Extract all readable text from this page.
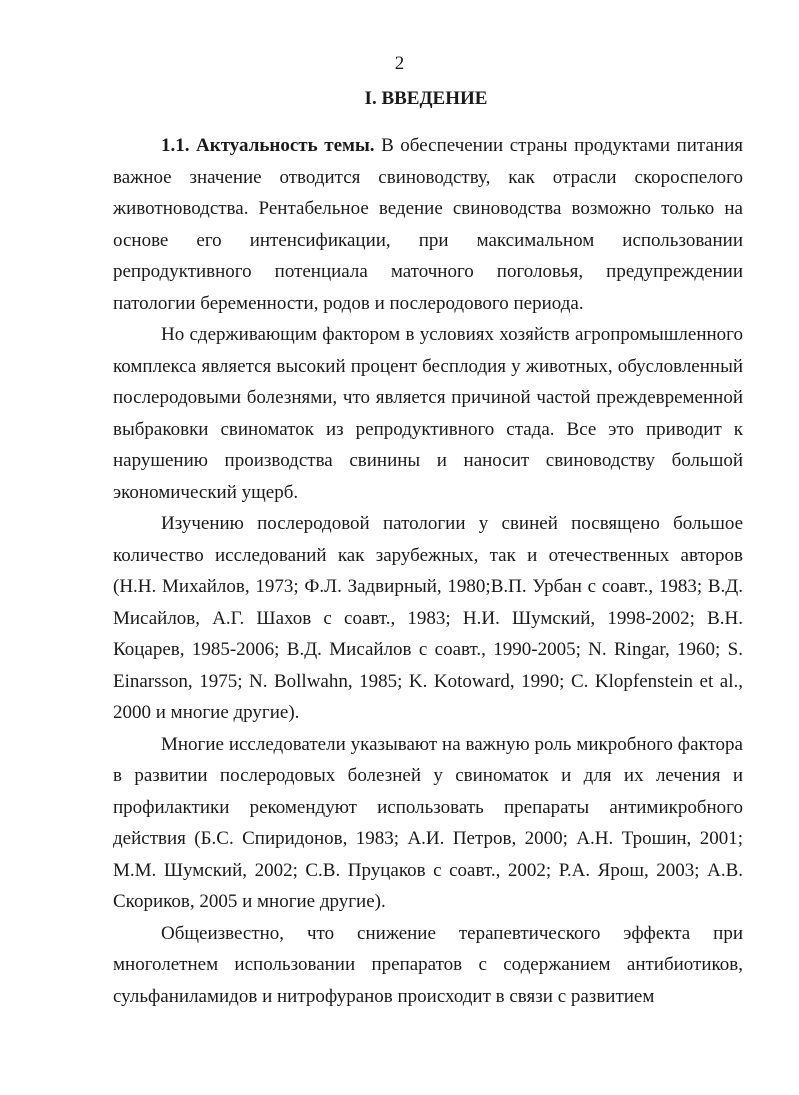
2
I. ВВЕДЕНИЕ

1.1. Актуальность темы. В обеспечении страны продуктами питания важное значение отводится свиноводству, как отрасли скороспелого животноводства. Рентабельное ведение свиноводства возможно только на основе его интенсификации, при максимальном использовании репродуктивного потенциала маточного поголовья, предупреждении патологии беременности, родов и послеродового периода.

Но сдерживающим фактором в условиях хозяйств агропромышленного комплекса является высокий процент бесплодия у животных, обусловленный послеродовыми болезнями, что является причиной частой преждевременной выбраковки свиноматок из репродуктивного стада. Все это приводит к нарушению производства свинины и наносит свиноводству большой экономический ущерб.

Изучению послеродовой патологии у свиней посвящено большое количество исследований как зарубежных, так и отечественных авторов (Н.Н. Михайлов, 1973; Ф.Л. Задвирный, 1980;В.П. Урбан с соавт., 1983; В.Д. Мисайлов, А.Г. Шахов с соавт., 1983; Н.И. Шумский, 1998-2002; В.Н. Коцарев, 1985-2006; В.Д. Мисайлов с соавт., 1990-2005; N. Ringar, 1960; S. Einarsson, 1975; N. Bollwahn, 1985; K. Kotoward, 1990; C. Klopfenstein et al., 2000 и многие другие).

Многие исследователи указывают на важную роль микробного фактора в развитии послеродовых болезней у свиноматок и для их лечения и профилактики рекомендуют использовать препараты антимикробного действия (Б.С. Спиридонов, 1983; А.И. Петров, 2000; А.Н. Трошин, 2001; М.М. Шумский, 2002; С.В. Пруцаков с соавт., 2002; Р.А. Ярош, 2003; А.В. Скориков, 2005 и многие другие).

Общеизвестно, что снижение терапевтического эффекта при многолетнем использовании препаратов с содержанием антибиотиков, сульфаниламидов и нитрофуранов происходит в связи с развитием
